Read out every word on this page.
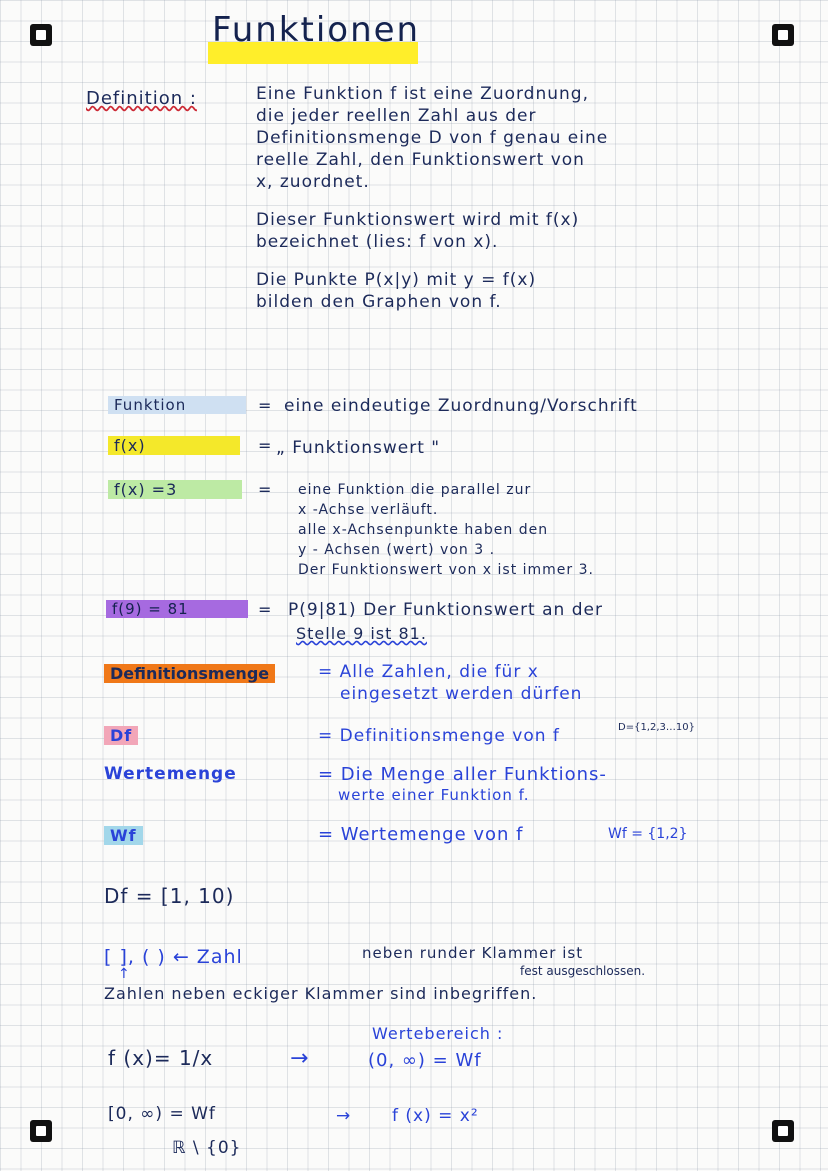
Funktionen
Definition :	Eine Funktion f ist eine Zuordnung,
die jeder reellen Zahl aus der
Definitionsmenge D von f genau eine
reelle Zahl, den Funktionswert von
x, zuordnet.
Dieser Funktionswert wird mit f(x)
bezeichnet (lies: f von x).
Die Punkte P(x|y) mit y = f(x)
bilden den Graphen von f.
Funktion	= eine eindeutige Zuordnung/Vorschrift
f(x)	= „ Funktionswert "
f(x) =3	= eine Funktion die parallel zur
x -Achse verläuft.
alle x-Achsenpunkte haben den
y - Achsen (wert) von 3 .
Der Funktionswert von x ist immer 3.
f(9) = 81	= P(9|81) Der Funktionswert an der
Stelle 9 ist 81.
Definitionsmenge	= Alle Zahlen, die für x
eingesetzt werden dürfen
Df	= Definitionsmenge von f	D={1,2,3…10}
Wertemenge	= Die Menge aller Funktions-
werte einer Funktion f.
Wf	= Wertemenge von f	Wf = {1,2}
Df = [1, 10)
[ ], ( ) ← Zahl	neben runder Klammer ist
fest ausgeschlossen.
↑
Zahlen neben eckiger Klammer sind inbegriffen.
f (x)= 1/x	→
Wertebereich :
(0, ∞) = Wf
[0, ∞) = Wf	→ f (x) = x²
ℝ \ {0}
